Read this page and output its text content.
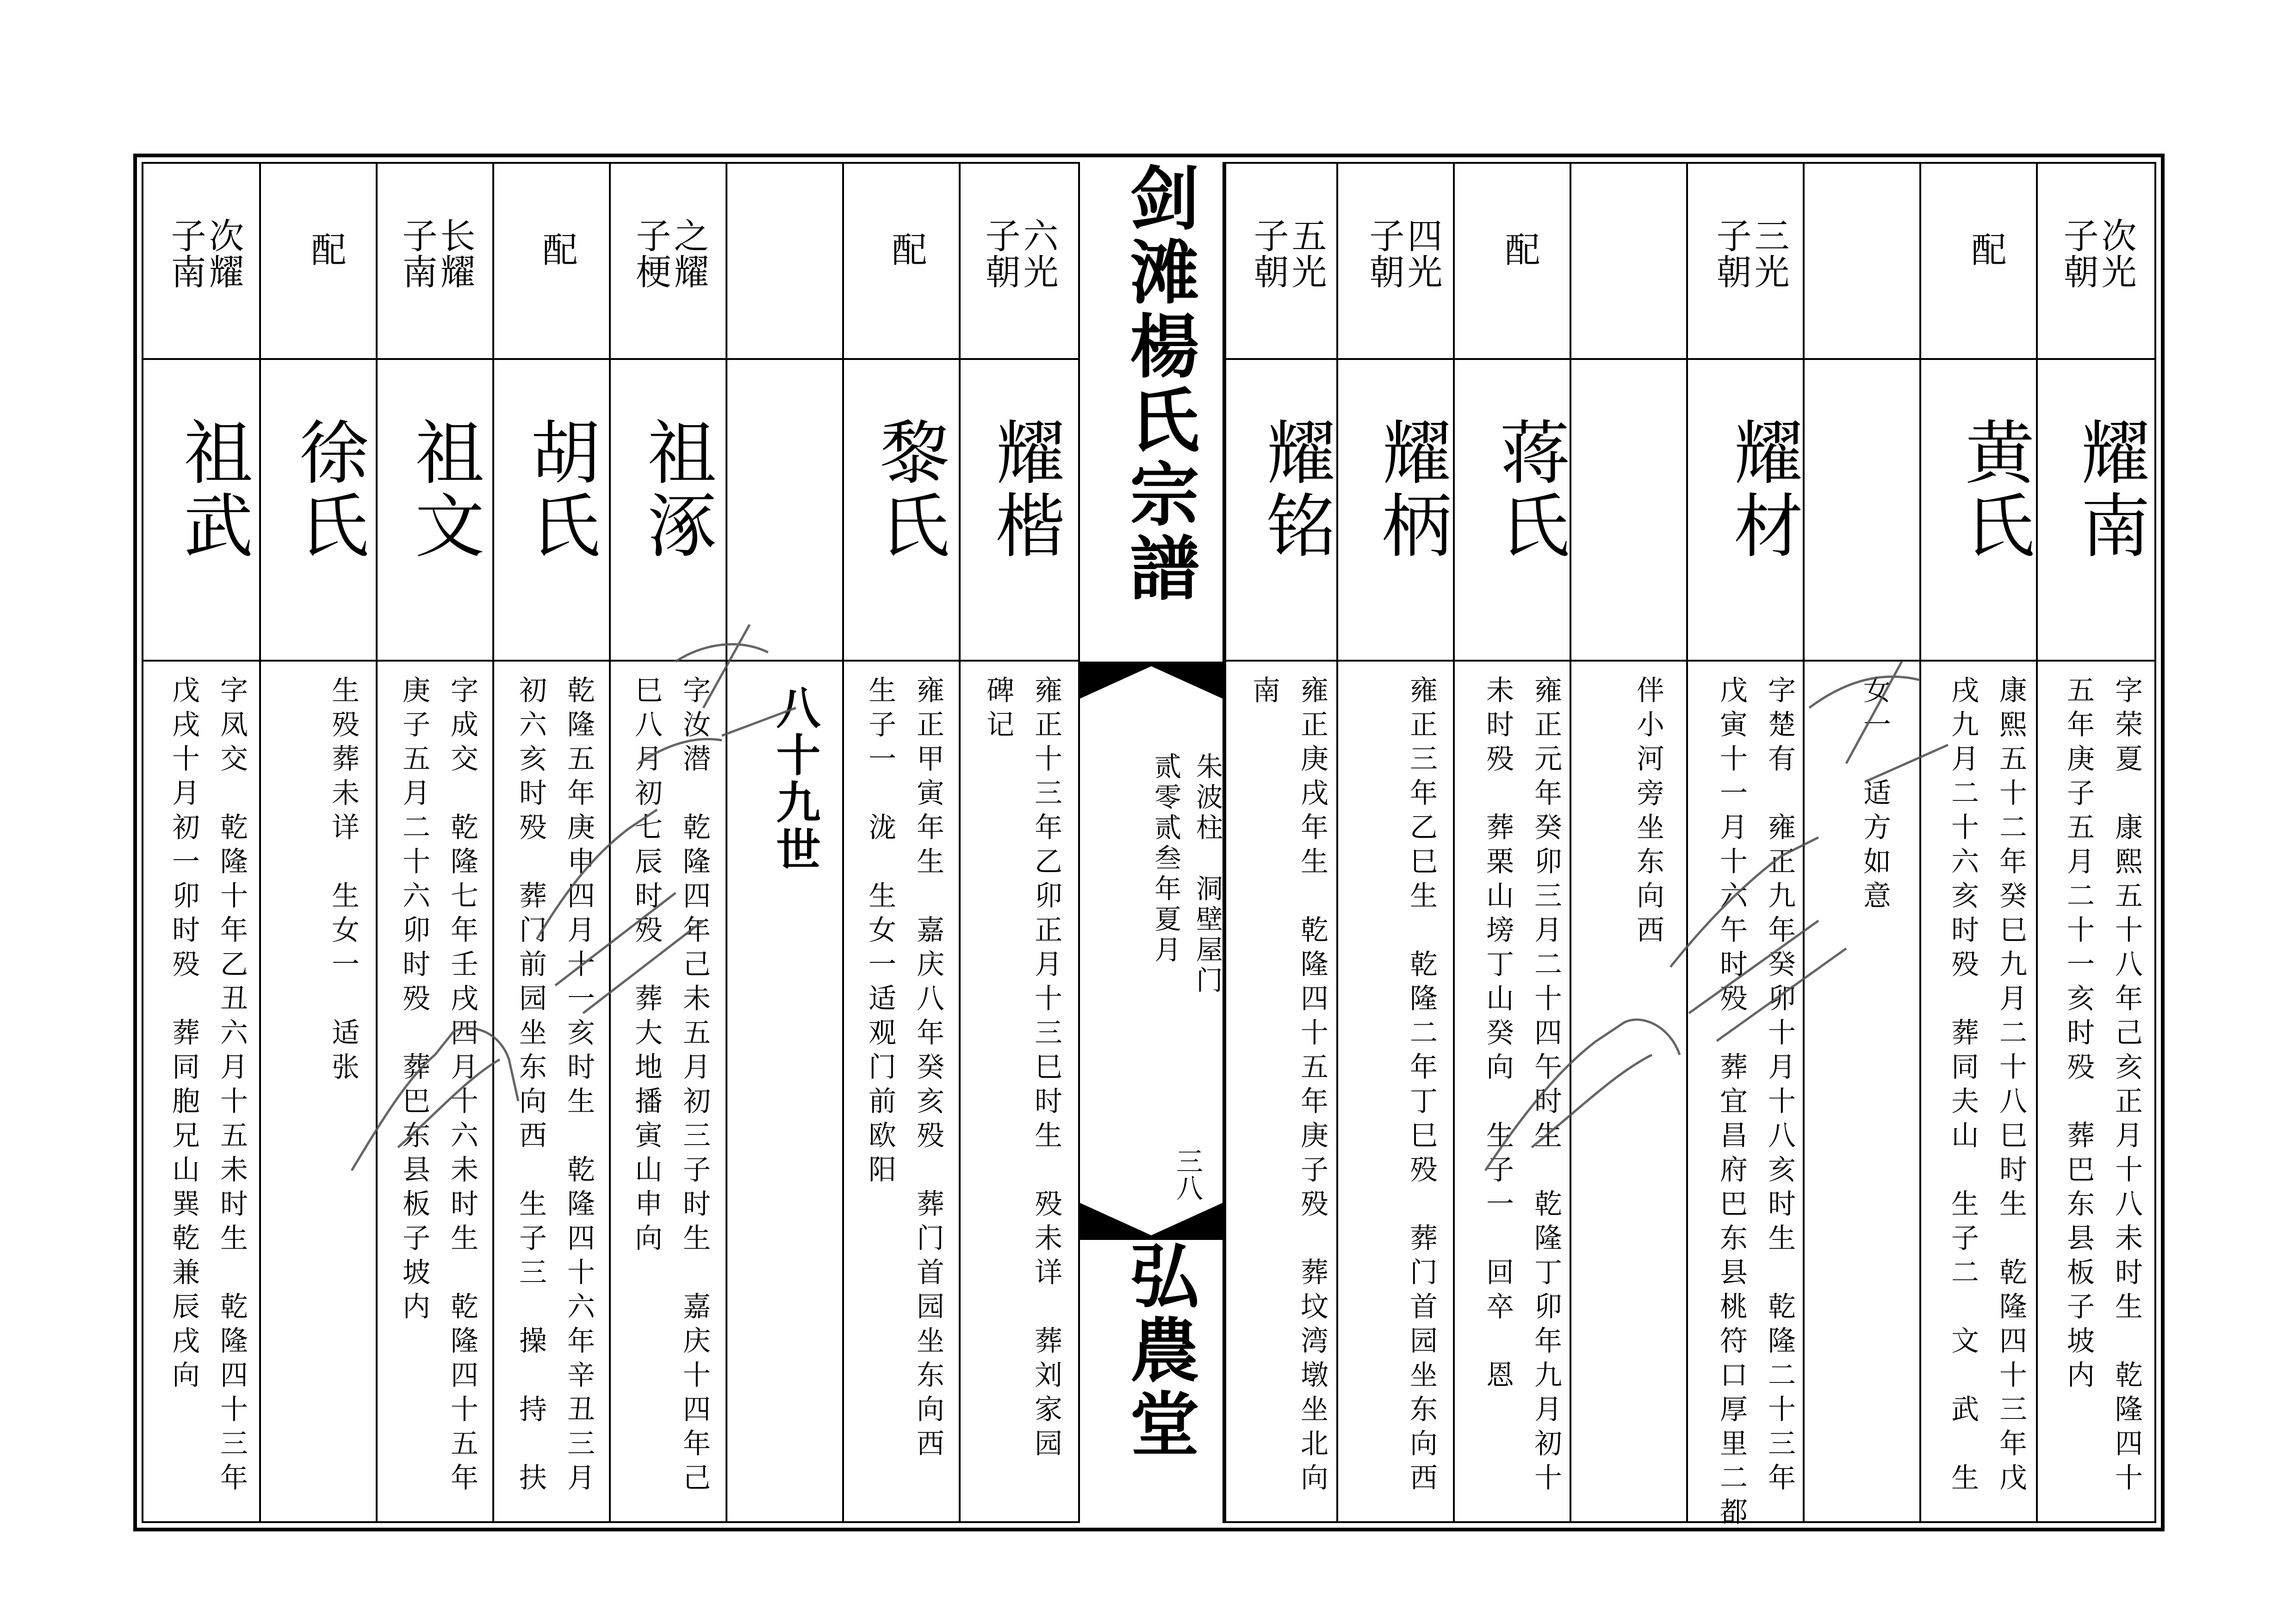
次光
子朝
耀南
字荣夏　康熙五十八年己亥正月十八未时生　乾隆四十
五年庚子五月二十一亥时殁　葬巴东县板子坡内
配
黄氏
康熙五十二年癸巳九月二十八巳时生　乾隆四十三年戊
戌九月二十六亥时殁　葬同夫山　生子二　文　武　生
女一　适方如意
三光
子朝
耀材
字楚有　雍正九年癸卯十月十八亥时生　乾隆二十三年
戊寅十一月十六午时殁　葬宜昌府巴东县桃符口厚里二都
伴小河旁坐东向西
配
蒋氏
雍正元年癸卯三月二十四午时生　乾隆丁卯年九月初十
未时殁　葬栗山塝丁山癸向　生子一　回卒　恩
四光
子朝
耀柄
雍正三年乙巳生　乾隆二年丁巳殁　葬门首园坐东向西
五光
子朝
耀铭
雍正庚戌年生　乾隆四十五年庚子殁　葬坟湾墩坐北向
南
剑滩楊氏宗譜

朱波柱　洞壁屋门
贰零贰叁年夏月

三八
弘農堂
六光
子朝
耀楷
雍正十三年乙卯正月十三巳时生　殁未详　葬刘家园
碑记
配
黎氏
雍正甲寅年生　嘉庆八年癸亥殁　葬门首园坐东向西
生子一　泷　生女一适观门前欧阳
八十九世
之耀
子梗
祖涿
字汝潜　乾隆四年己未五月初三子时生　嘉庆十四年己
巳八月初七辰时殁　葬大地播寅山申向
配
胡氏
乾隆五年庚申四月十一亥时生　乾隆四十六年辛丑三月
初六亥时殁　葬门前园坐东向西　生子三　操　持　扶
长耀
子南
祖文
字成交　乾隆七年壬戌四月十六未时生　乾隆四十五年
庚子五月二十六卯时殁　葬巴东县板子坡内
配
徐氏
生殁葬未详　生女一　适张
次耀
子南
祖武
字凤交　乾隆十年乙丑六月十五未时生　乾隆四十三年
戊戌十月初一卯时殁　葬同胞兄山巽乾兼辰戌向
